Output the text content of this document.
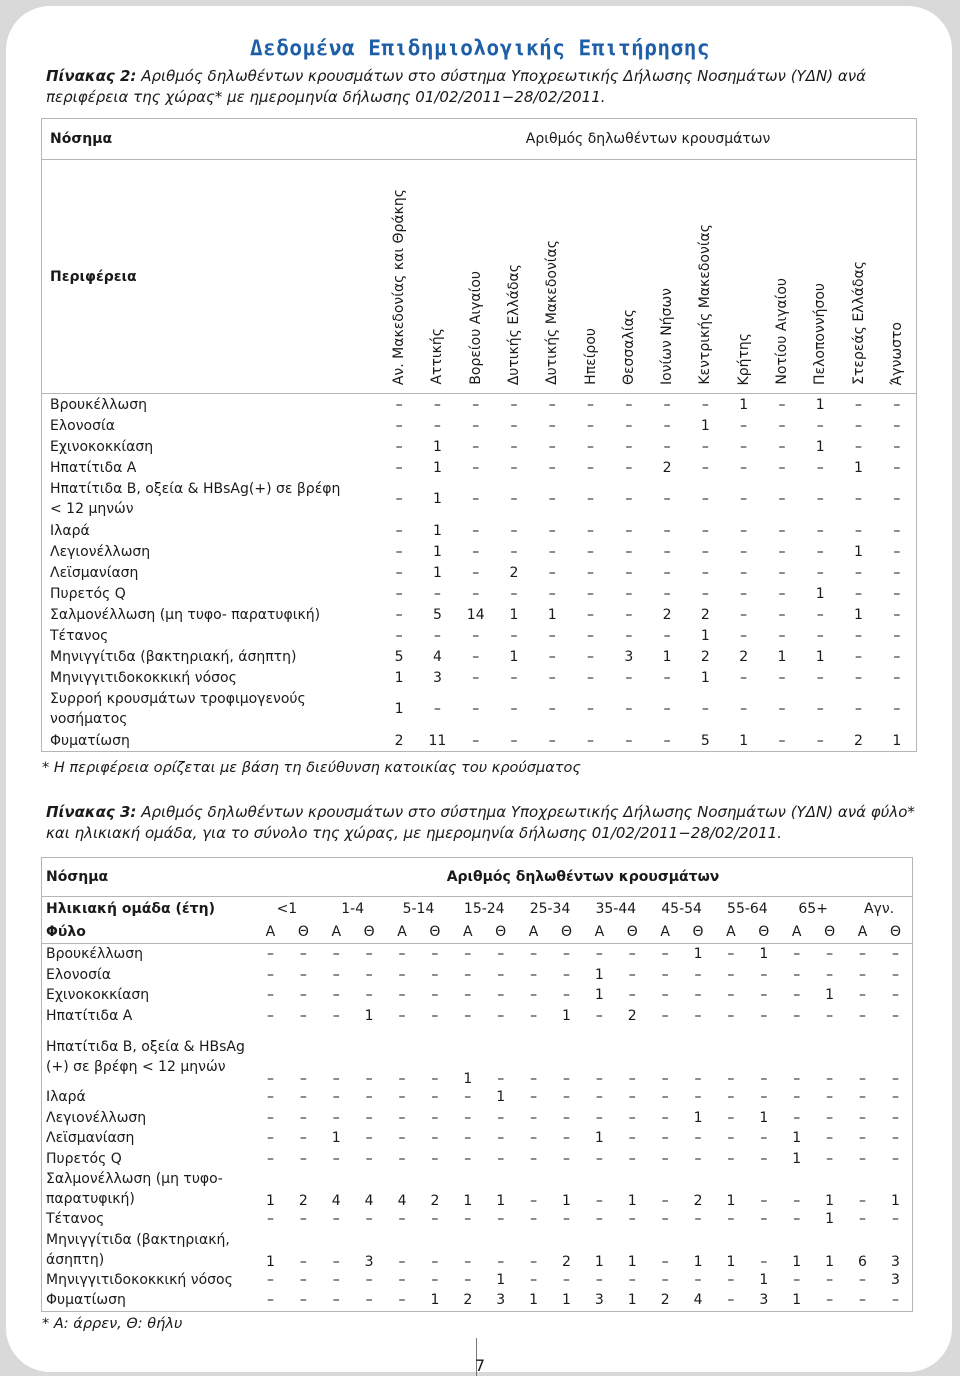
Δεδομένα Επιδημιολογικής Επιτήρησης
Πίνακας 2: Αριθμός δηλωθέντων κρουσμάτων στο σύστημα Υποχρεωτικής Δήλωσης Νοσημάτων (ΥΔΝ) ανά περιφέρεια της χώρας* με ημερομηνία δήλωσης 01/02/2011−28/02/2011.
Νόσημα	Αριθμός δηλωθέντων κρουσμάτων													
Περιφέρεια	Αν. Μακεδονίας και Θράκης	Αττικής	Βορείου Αιγαίου	Δυτικής Ελλάδας	Δυτικής Μακεδονίας	Ηπείρου	Θεσσαλίας	Ιονίων Νήσων	Κεντρικής Μακεδονίας	Κρήτης	Νοτίου Αιγαίου	Πελοποννήσου	Στερεάς Ελλάδας	Άγνωστο

Βρουκέλλωση	–	–	–	–	–	–	–	–	–	1	–	1	–	–
Ελονοσία	–	–	–	–	–	–	–	–	1	–	–	–	–	–
Εχινοκοκκίαση	–	1	–	–	–	–	–	–	–	–	–	1	–	–
Ηπατίτιδα Α	–	1	–	–	–	–	–	2	–	–	–	–	1	–
Ηπατίτιδα Β, οξεία & HBsAg(+) σε βρέφη < 12 μηνών	–	1	–	–	–	–	–	–	–	–	–	–	–	–
Ιλαρά	–	1	–	–	–	–	–	–	–	–	–	–	–	–
Λεγιονέλλωση	–	1	–	–	–	–	–	–	–	–	–	–	1	–
Λεϊσμανίαση	–	1	–	2	–	–	–	–	–	–	–	–	–	–
Πυρετός Q	–	–	–	–	–	–	–	–	–	–	–	1	–	–
Σαλμονέλλωση (μη τυφο- παρατυφική)	–	5	14	1	1	–	–	2	2	–	–	–	1	–
Τέτανος	–	–	–	–	–	–	–	–	1	–	–	–	–	–
Μηνιγγίτιδα (βακτηριακή, άσηπτη)	5	4	–	1	–	–	3	1	2	2	1	1	–	–
Μηνιγγιτιδοκοκκική νόσος	1	3	–	–	–	–	–	–	1	–	–	–	–	–
Συρροή κρουσμάτων τροφιμογενούς νοσήματος	1	–	–	–	–	–	–	–	–	–	–	–	–	–
Φυματίωση	2	11	–	–	–	–	–	–	5	1	–	–	2	1
* Η περιφέρεια ορίζεται με βάση τη διεύθυνση κατοικίας του κρούσματος
Πίνακας 3: Αριθμός δηλωθέντων κρουσμάτων στο σύστημα Υποχρεωτικής Δήλωσης Νοσημάτων (ΥΔΝ) ανά φύλο* και ηλικιακή ομάδα, για το σύνολο της χώρας, με ημερομηνία δήλωσης 01/02/2011−28/02/2011.
Νόσημα	Αριθμός δηλωθέντων κρουσμάτων																			
Ηλικιακή ομάδα (έτη)	<1		1-4		5-14		15-24		25-34		35-44		45-54		55-64		65+		Αγν.	
Φύλο	Α	Θ	Α	Θ	Α	Θ	Α	Θ	Α	Θ	Α	Θ	Α	Θ	Α	Θ	Α	Θ	Α	Θ
Βρουκέλλωση	–	–	–	–	–	–	–	–	–	–	–	–	–	1	–	1	–	–	–	–
Ελονοσία	–	–	–	–	–	–	–	–	–	–	1	–	–	–	–	–	–	–	–	–
Εχινοκοκκίαση	–	–	–	–	–	–	–	–	–	–	1	–	–	–	–	–	–	1	–	–
Ηπατίτιδα Α	–	–	–	1	–	–	–	–	–	1	–	2	–	–	–	–	–	–	–	–
Ηπατίτιδα Β, οξεία & HBsAg (+) σε βρέφη < 12 μηνών	–	–	–	–	–	–	1	–	–	–	–	–	–	–	–	–	–	–	–	–
Ιλαρά	–	–	–	–	–	–	–	1	–	–	–	–	–	–	–	–	–	–	–	–
Λεγιονέλλωση	–	–	–	–	–	–	–	–	–	–	–	–	–	1	–	1	–	–	–	–
Λεϊσμανίαση	–	–	1	–	–	–	–	–	–	–	1	–	–	–	–	–	1	–	–	–
Πυρετός Q	–	–	–	–	–	–	–	–	–	–	–	–	–	–	–	–	1	–	–	–
Σαλμονέλλωση (μη τυφο- παρατυφική)	1	2	4	4	4	2	1	1	–	1	–	1	–	2	1	–	–	1	–	1
Τέτανος	–	–	–	–	–	–	–	–	–	–	–	–	–	–	–	–	–	1	–	–
Μηνιγγίτιδα (βακτηριακή, άσηπτη)	1	–	–	3	–	–	–	–	–	2	1	1	–	1	1	–	1	1	6	3
Μηνιγγιτιδοκοκκική νόσος	–	–	–	–	–	–	–	1	–	–	–	–	–	–	–	1	–	–	–	3
Φυματίωση	–	–	–	–	–	1	2	3	1	1	3	1	2	4	–	3	1	–	–	–
* Α: άρρεν, Θ: θήλυ
7
